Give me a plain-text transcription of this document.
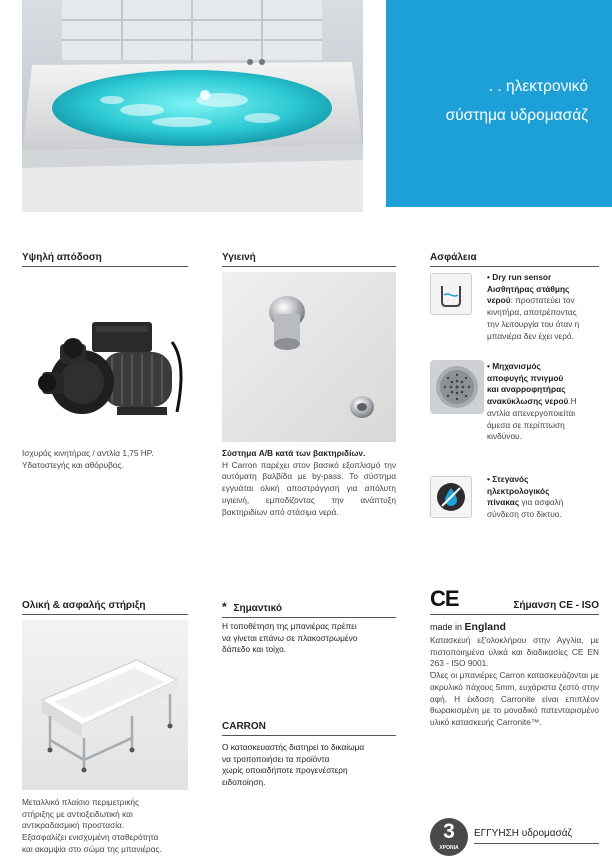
. . ηλεκτρονικό
σύστημα υδρομασάζ
Υψηλή απόδοση
Ισχυρός κινητήρας / αντλία 1,75 HP.
Υδατοστεγής και αθόρυβος.
Υγιεινή
Σύστημα A/B κατά των βακτηριδίων.
Η Carron παρέχει στον βασικό εξοπλισμό την αυτόματη βαλβίδα με by-pass. Το σύστημα εγγυάται ολική αποστράγγιση για απόλυτη υγιεινή, εμποδίζοντας την ανάπτυξη βακτηριδίων από στάσιμα νερά.
Ασφάλεια
• Dry run sensor
Αισθητήρας στάθμης
νερού: προστατεύει τον
κινητήρα, αποτρέποντας
την λειτουργία του όταν η
μπανιέρα δεν έχει νερό.
• Μηχανισμός
αποφυγής πνιγμού
και αναρροφητήρας
ανακύκλωσης νερού.Η
αντλία απενεργοποιείται
άμεσα σε περίπτωση
κινδύνου.
• Στεγανός
ηλεκτρολογικός
πίνακας για ασφαλή
σύνδεση στο δίκτυο.
Ολική & ασφαλής στήριξη
Μεταλλικό πλαίσιο περιμετρικής
στήριξης με αντιοξειδωτική και
αντικραδασμική προστασία.
Εξασφαλίζει ενισχυμένη σταθερότητα
και ακαμψία στο σώμα της μπανιέρας.
* Σημαντικό
Η τοποθέτηση της μπανιέρας πρέπει
να γίνεται επάνω σε πλακοστρωμένο
δάπεδο και τοίχο.
CARRON
Ο κατασκευαστής διατηρεί το δικαίωμα
να τροποποιήσει τα προϊόντα
χωρίς οποιαδήποτε προγενέστερη
ειδοποίηση.
CE	Σήμανση CE - ISO
made in England
Κατασκευή εξ'ολοκλήρου στην Αγγλία, με πιστοποιημένα υλικά και διαδικασίες CE EN 263 - ISO 9001.
Όλες οι μπανιέρες Carron κατασκευάζονται με ακρυλικό πάχους 5mm, ευχάριστα ζεστό στην αφή. Η έκδοση Carronite είναι επιπλέον θωρακισμένη με το μοναδικό πατενταρισμένο υλικό κατασκευής Carronite™.
3
ΧΡΟΝΙΑ
ΕΓΓΥΗΣΗ υδρομασάζ
